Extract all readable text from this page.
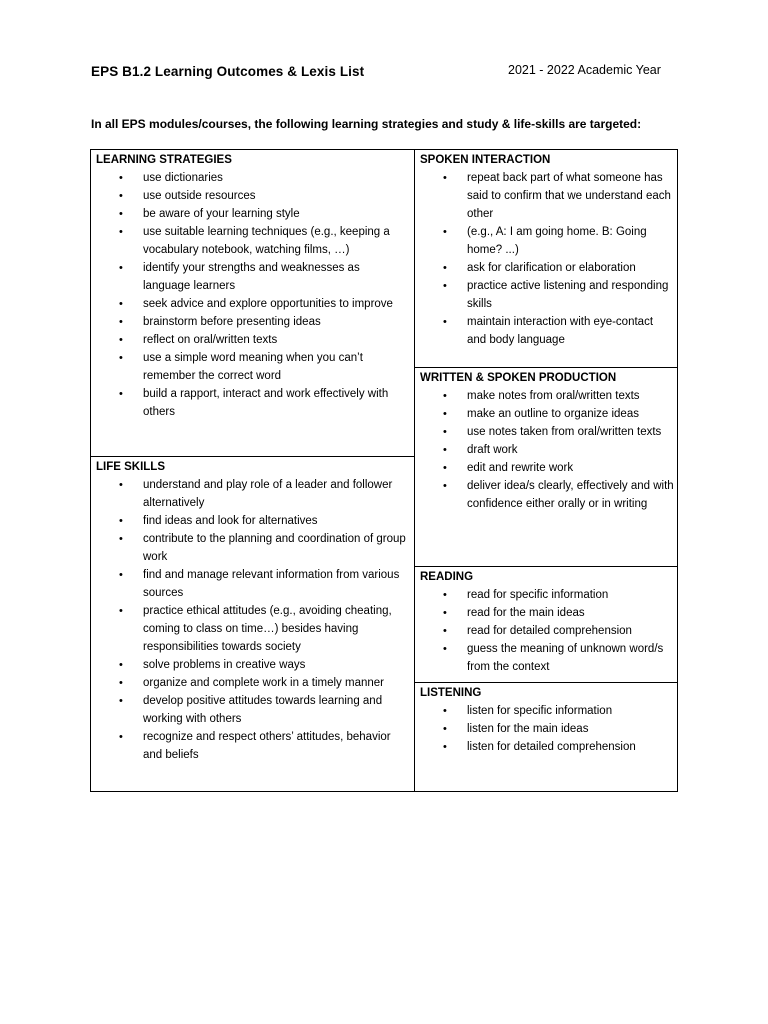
EPS B1.2 Learning Outcomes & Lexis List	2021 - 2022 Academic Year
In all EPS modules/courses, the following learning strategies and study & life-skills are targeted:
LEARNING STRATEGIES
• use dictionaries
• use outside resources
• be aware of your learning style
• use suitable learning techniques (e.g., keeping a vocabulary notebook, watching films, …)
• identify your strengths and weaknesses as language learners
• seek advice and explore opportunities to improve
• brainstorm before presenting ideas
• reflect on oral/written texts
• use a simple word meaning when you can’t remember the correct word
• build a rapport, interact and work effectively with others
LIFE SKILLS
• understand and play role of a leader and follower alternatively
• find ideas and look for alternatives
• contribute to the planning and coordination of group work
• find and manage relevant information from various sources
• practice ethical attitudes (e.g., avoiding cheating, coming to class on time…) besides having responsibilities towards society
• solve problems in creative ways
• organize and complete work in a timely manner
• develop positive attitudes towards learning and working with others
• recognize and respect others’ attitudes, behavior and beliefs
SPOKEN INTERACTION
• repeat back part of what someone has said to confirm that we understand each other
• (e.g., A: I am going home. B: Going home? ...)
• ask for clarification or elaboration
• practice active listening and responding skills
• maintain interaction with eye-contact and body language
WRITTEN & SPOKEN PRODUCTION
• make notes from oral/written texts
• make an outline to organize ideas
• use notes taken from oral/written texts
• draft work
• edit and rewrite work
• deliver idea/s clearly, effectively and with confidence either orally or in writing
READING
• read for specific information
• read for the main ideas
• read for detailed comprehension
• guess the meaning of unknown word/s from the context
LISTENING
• listen for specific information
• listen for the main ideas
• listen for detailed comprehension
